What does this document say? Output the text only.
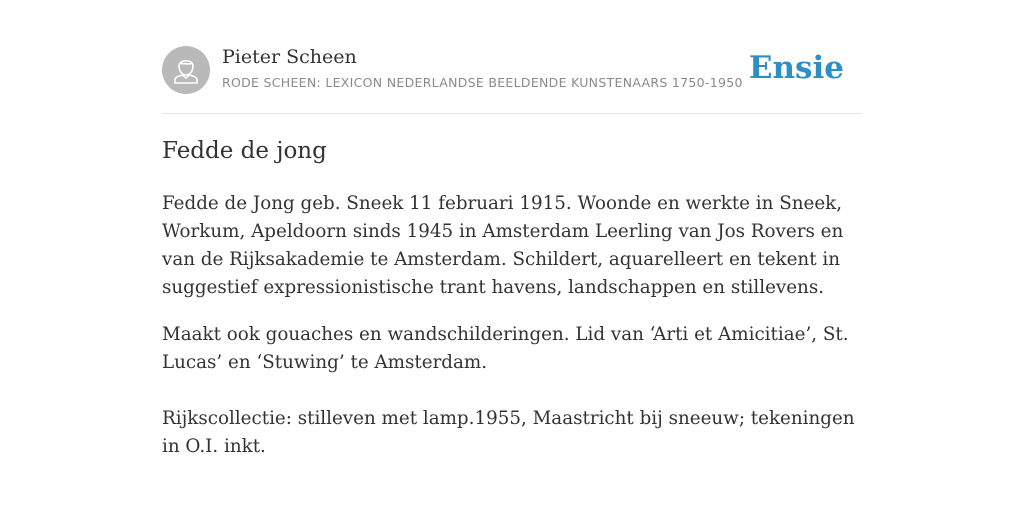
Pieter Scheen
RODE SCHEEN: LEXICON NEDERLANDSE BEELDENDE KUNSTENAARS 1750-1950 Ensie
Fedde de jong

Fedde de Jong geb. Sneek 11 februari 1915. Woonde en werkte in Sneek, Workum, Apeldoorn sinds 1945 in Amsterdam Leerling van Jos Rovers en van de Rijksakademie te Amsterdam. Schildert, aquarelleert en tekent in suggestief expressionistische trant havens, landschappen en stillevens.

Maakt ook gouaches en wandschilderingen. Lid van ‘Arti et Amicitiae’, St. Lucas’ en ‘Stuwing’ te Amsterdam.

Rijkscollectie: stilleven met lamp.1955, Maastricht bij sneeuw; tekeningen in O.I. inkt.
